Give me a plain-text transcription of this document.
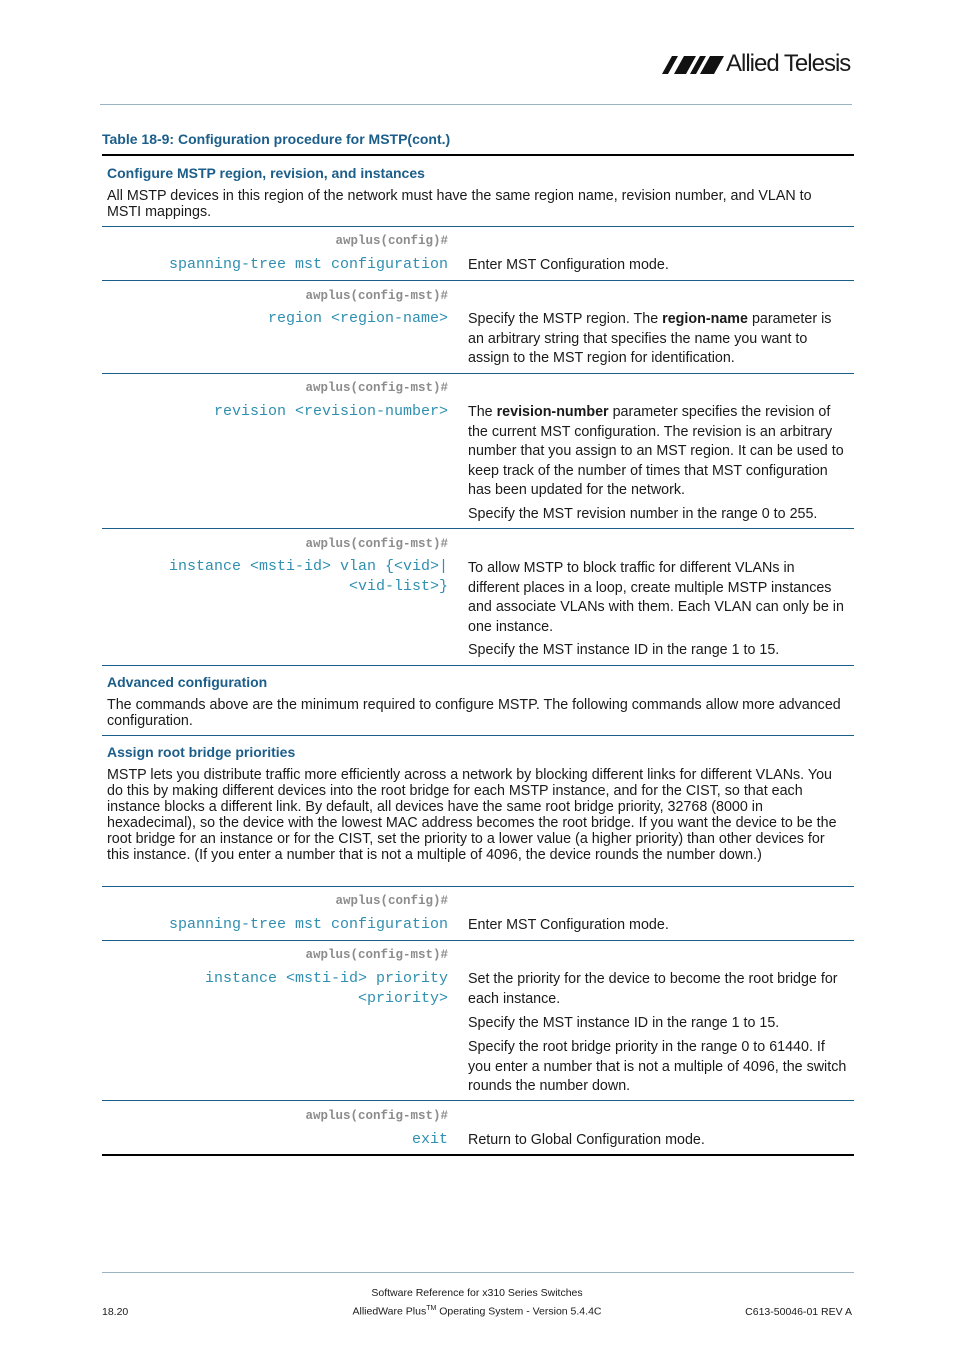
Allied Telesis
Table 18-9: Configuration procedure for MSTP(cont.)
Configure MSTP region, revision, and instances
All MSTP devices in this region of the network must have the same region name, revision number, and VLAN to MSTI mappings.
awplus(config)#
spanning-tree mst configuration Enter MST Configuration mode.
awplus(config-mst)#
region <region-name> Specify the MSTP region. The region-name parameter is an arbitrary string that specifies the name you want to assign to the MST region for identification.
awplus(config-mst)#
revision <revision-number> The revision-number parameter specifies the revision of the current MST configuration. The revision is an arbitrary number that you assign to an MST region. It can be used to keep track of the number of times that MST configuration has been updated for the network.
Specify the MST revision number in the range 0 to 255.
awplus(config-mst)#
instance <msti-id> vlan {<vid>|
<vid-list>}
To allow MSTP to block traffic for different VLANs in different places in a loop, create multiple MSTP instances and associate VLANs with them. Each VLAN can only be in one instance.
Specify the MST instance ID in the range 1 to 15.
Advanced configuration
The commands above are the minimum required to configure MSTP. The following commands allow more advanced configuration.
Assign root bridge priorities
MSTP lets you distribute traffic more efficiently across a network by blocking different links for different VLANs. You do this by making different devices into the root bridge for each MSTP instance, and for the CIST, so that each instance blocks a different link. By default, all devices have the same root bridge priority, 32768 (8000 in hexadecimal), so the device with the lowest MAC address becomes the root bridge. If you want the device to be the root bridge for an instance or for the CIST, set the priority to a lower value (a higher priority) than other devices for this instance. (If you enter a number that is not a multiple of 4096, the device rounds the number down.)
awplus(config)#
spanning-tree mst configuration Enter MST Configuration mode.
awplus(config-mst)#
instance <msti-id> priority
<priority>
Set the priority for the device to become the root bridge for each instance.
Specify the MST instance ID in the range 1 to 15.
Specify the root bridge priority in the range 0 to 61440. If you enter a number that is not a multiple of 4096, the switch rounds the number down.
awplus(config-mst)#
exit Return to Global Configuration mode.
Software Reference for x310 Series Switches
AlliedWare Plus™ Operating System - Version 5.4.4C
18.20	C613-50046-01 REV A
